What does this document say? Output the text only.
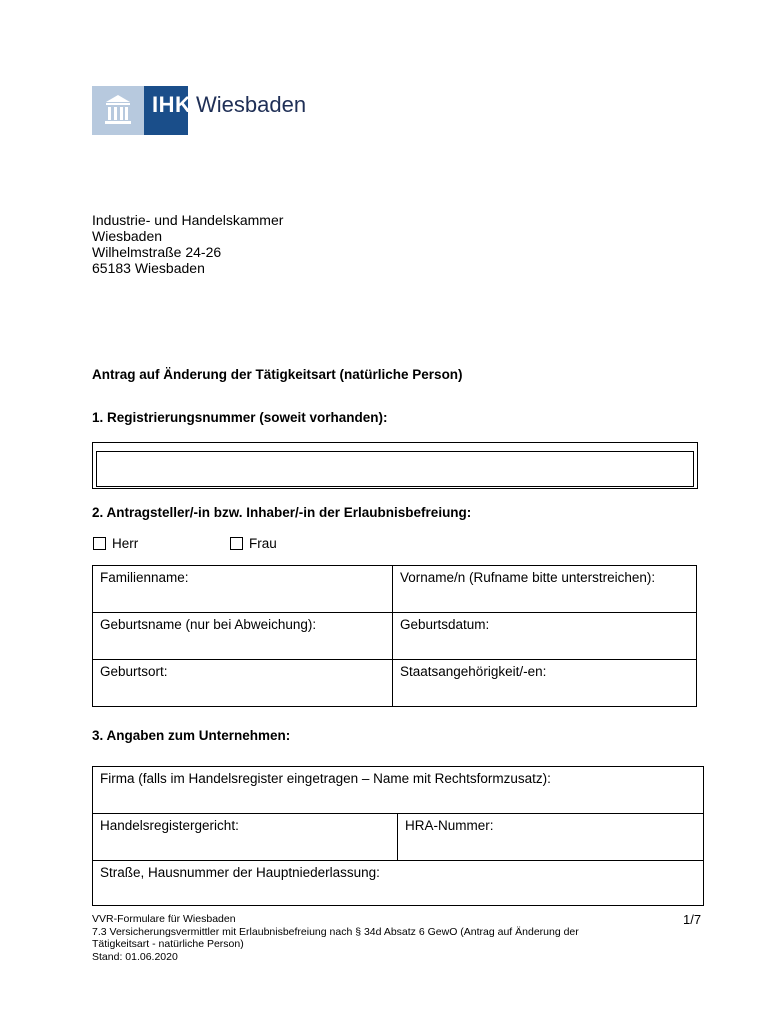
IHK Wiesbaden
Industrie- und Handelskammer
Wiesbaden
Wilhelmstraße 24-26
65183 Wiesbaden
Antrag auf Änderung der Tätigkeitsart (natürliche Person)
1. Registrierungsnummer (soweit vorhanden):
2. Antragsteller/-in bzw. Inhaber/-in der Erlaubnisbefreiung:
Herr	Frau
Familienname:	Vorname/n (Rufname bitte unterstreichen):
Geburtsname (nur bei Abweichung):	Geburtsdatum:
Geburtsort:	Staatsangehörigkeit/-en:
3. Angaben zum Unternehmen:
Firma (falls im Handelsregister eingetragen – Name mit Rechtsformzusatz):
Handelsregistergericht:	HRA-Nummer:
Straße, Hausnummer der Hauptniederlassung:
VVR-Formulare für Wiesbaden
7.3 Versicherungsvermittler mit Erlaubnisbefreiung nach § 34d Absatz 6 GewO (Antrag auf Änderung der
Tätigkeitsart - natürliche Person)
Stand: 01.06.2020
1/7
